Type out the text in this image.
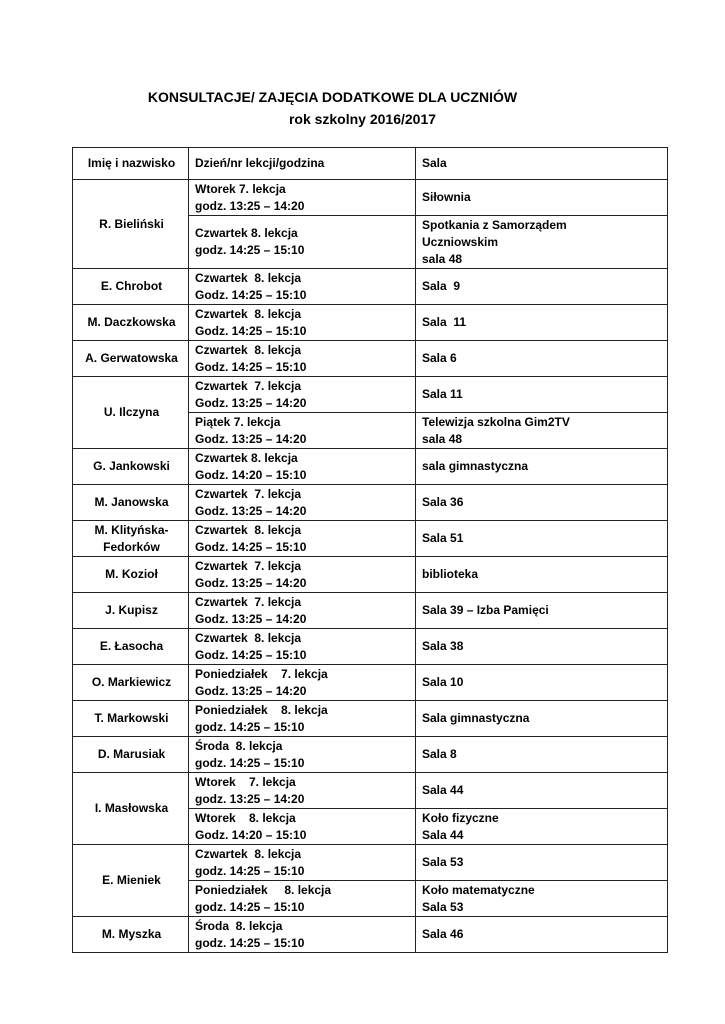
KONSULTACJE/ ZAJĘCIA DODATKOWE DLA UCZNIÓW
rok szkolny 2016/2017
Imię i nazwisko	Dzień/nr lekcji/godzina	Sala

R. Bieliński	Wtorek 7. lekcja
godz. 13:25 – 14:20	Siłownia

	Czwartek 8. lekcja
godz. 14:25 – 15:10	Spotkania z Samorządem
Uczniowskim
sala 48

E. Chrobot	Czwartek  8. lekcja
Godz. 14:25 – 15:10	Sala  9

M. Daczkowska	Czwartek  8. lekcja
Godz. 14:25 – 15:10	Sala  11

A. Gerwatowska	Czwartek  8. lekcja
Godz. 14:25 – 15:10	Sala 6

U. Ilczyna	Czwartek  7. lekcja
Godz. 13:25 – 14:20	Sala 11

	Piątek 7. lekcja
Godz. 13:25 – 14:20	Telewizja szkolna Gim2TV
sala 48

G. Jankowski	Czwartek 8. lekcja
Godz. 14:20 – 15:10	sala gimnastyczna

M. Janowska	Czwartek  7. lekcja
Godz. 13:25 – 14:20	Sala 36

M. Klityńska-
Fedorków	Czwartek  8. lekcja
Godz. 14:25 – 15:10	Sala 51

M. Kozioł	Czwartek  7. lekcja
Godz. 13:25 – 14:20	biblioteka

J. Kupisz	Czwartek  7. lekcja
Godz. 13:25 – 14:20	Sala 39 – Izba Pamięci

E. Łasocha	Czwartek  8. lekcja
Godz. 14:25 – 15:10	Sala 38

O. Markiewicz	Poniedziałek    7. lekcja
Godz. 13:25 – 14:20	Sala 10

T. Markowski	Poniedziałek    8. lekcja
godz. 14:25 – 15:10	Sala gimnastyczna

D. Marusiak	Środa  8. lekcja
godz. 14:25 – 15:10	Sala 8

I. Masłowska	Wtorek    7. lekcja
godz. 13:25 – 14:20	Sala 44

	Wtorek    8. lekcja
Godz. 14:20 – 15:10	Koło fizyczne
Sala 44

E. Mieniek	Czwartek  8. lekcja
godz. 14:25 – 15:10	Sala 53

	Poniedziałek     8. lekcja
godz. 14:25 – 15:10	Koło matematyczne
Sala 53

M. Myszka	Środa  8. lekcja
godz. 14:25 – 15:10	Sala 46
